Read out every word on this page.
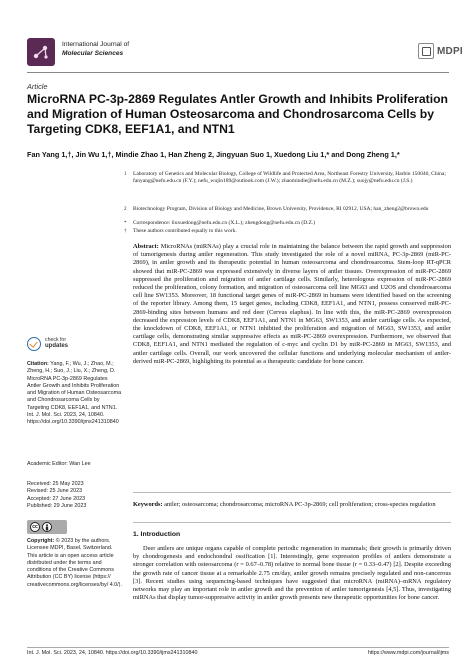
International Journal of
Molecular Sciences	MDPI
Article
MicroRNA PC-3p-2869 Regulates Antler Growth and Inhibits Proliferation and Migration of Human Osteosarcoma and Chondrosarcoma Cells by Targeting CDK8, EEF1A1, and NTN1
Fan Yang 1,†, Jin Wu 1,†, Mindie Zhao 1, Han Zheng 2, Jingyuan Suo 1, Xuedong Liu 1,* and Dong Zheng 1,*
1 Laboratory of Genetics and Molecular Biology, College of Wildlife and Protected Area, Northeast Forestry University, Harbin 150040, China; fanyang@nefu.edu.cn (F.Y.); nefu_wujin189@outlook.com (J.W.); zhaomindie@nefu.edu.cn (M.Z.); suojy@nefu.edu.cn (J.S.)
2 Biotechnology Program, Division of Biology and Medicine, Brown University, Providence, RI 02912, USA; han_zheng2@brown.edu
* Correspondence: liuxuedong@nefu.edu.cn (X.L.); zhengdong@nefu.edu.cn (D.Z.)
† These authors contributed equally to this work.
Abstract: MicroRNAs (miRNAs) play a crucial role in maintaining the balance between the rapid growth and suppression of tumorigenesis during antler regeneration. This study investigated the role of a novel miRNA, PC-3p-2869 (miR-PC-2869), in antler growth and its therapeutic potential in human osteosarcoma and chondrosarcoma. Stem-loop RT-qPCR showed that miR-PC-2869 was expressed extensively in diverse layers of antler tissues. Overexpression of miR-PC-2869 suppressed the proliferation and migration of antler cartilage cells. Similarly, heterologous expression of miR-PC-2869 reduced the proliferation, colony formation, and migration of osteosarcoma cell line MG63 and U2OS and chondrosarcoma cell line SW1353. Moreover, 18 functional target genes of miR-PC-2869 in humans were identified based on the screening of the reporter library. Among them, 15 target genes, including CDK8, EEF1A1, and NTN1, possess conserved miR-PC-2869-binding sites between humans and red deer (Cervus elaphus). In line with this, the miR-PC-2869 overexpression decreased the expression levels of CDK8, EEF1A1, and NTN1 in MG63, SW1353, and antler cartilage cells. As expected, the knockdown of CDK8, EEF1A1, or NTN1 inhibited the proliferation and migration of MG63, SW1353, and antler cartilage cells, demonstrating similar suppressive effects as miR-PC-2869 overexpression. Furthermore, we observed that CDK8, EEF1A1, and NTN1 mediated the regulation of c-myc and cyclin D1 by miR-PC-2869 in MG63, SW1353, and antler cartilage cells. Overall, our work uncovered the cellular functions and underlying molecular mechanism of antler-derived miR-PC-2869, highlighting its potential as a therapeutic candidate for bone cancer.
Keywords: antler; osteosarcoma; chondrosarcoma; microRNA PC-3p-2869; cell proliferation; cross-species regulation
check for
updates
Citation: Yang, F.; Wu, J.; Zhao, M.; Zheng, H.; Suo, J.; Liu, X.; Zheng, D. MicroRNA PC-3p-2869 Regulates Antler Growth and Inhibits Proliferation and Migration of Human Osteosarcoma and Chondrosarcoma Cells by Targeting CDK8, EEF1A1, and NTN1. Int. J. Mol. Sci. 2023, 24, 10840. https://doi.org/10.3390/ijms241310840
Academic Editor: Wan Lee
Received: 25 May 2023
Revised: 25 June 2023
Accepted: 27 June 2023
Published: 29 June 2023
cc
Copyright: © 2023 by the authors. Licensee MDPI, Basel, Switzerland. This article is an open access article distributed under the terms and conditions of the Creative Commons Attribution (CC BY) license (https:// creativecommons.org/licenses/by/ 4.0/).
1. Introduction
Deer antlers are unique organs capable of complete periodic regeneration in mammals; their growth is primarily driven by chondrogenesis and endochondral ossification [1]. Interestingly, gene expression profiles of antlers demonstrate a stronger correlation with osteosarcoma (r = 0.67–0.78) relative to normal bone tissue (r = 0.33–0.47) [2]. Despite exceeding the growth rate of cancer tissue at a remarkable 2.75 cm/day, antler growth remains precisely regulated and non-cancerous [3]. Recent studies using sequencing-based techniques have suggested that microRNA (miRNA)–mRNA regulatory networks may play an important role in antler growth and the prevention of antler tumorigenesis [4,5]. Thus, investigating miRNAs that display tumor-suppressive activity in antler growth presents new therapeutic opportunities for bone cancer.
Int. J. Mol. Sci. 2023, 24, 10840. https://doi.org/10.3390/ijms241310840	https://www.mdpi.com/journal/ijms
